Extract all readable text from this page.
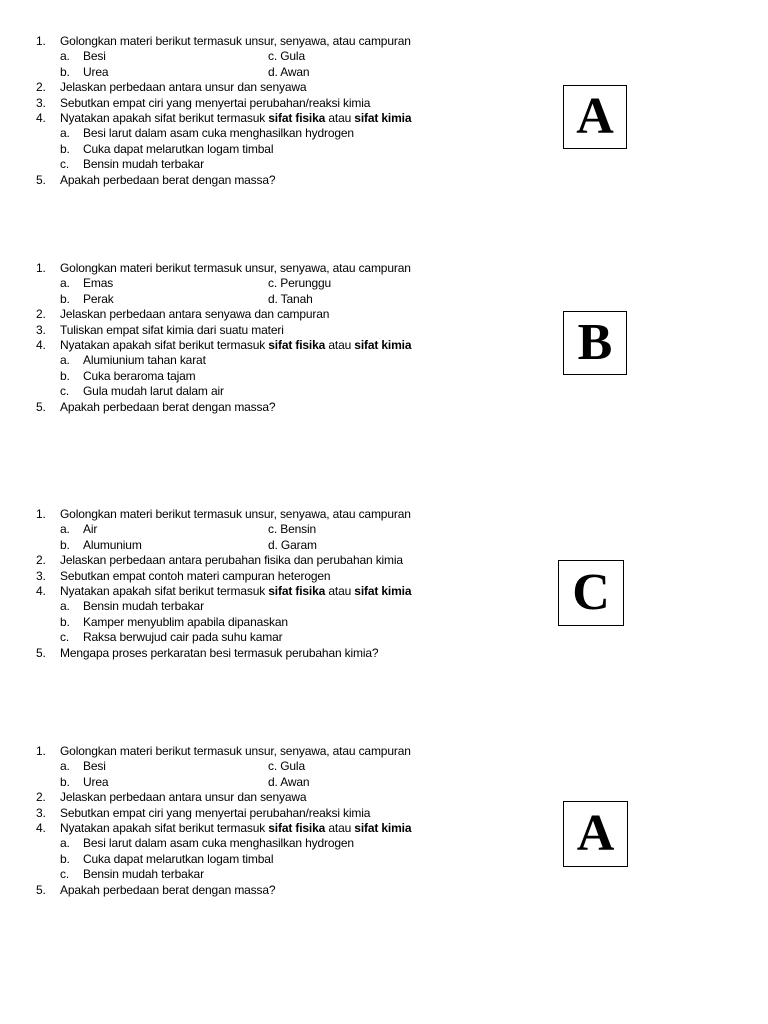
1. Golongkan materi berikut termasuk unsur, senyawa, atau campuran
a. Besi	c. Gula
b. Urea	d. Awan
2. Jelaskan perbedaan antara unsur dan senyawa
3. Sebutkan empat ciri yang menyertai perubahan/reaksi kimia
4. Nyatakan apakah sifat berikut termasuk sifat fisika atau sifat kimia
a. Besi larut dalam asam cuka menghasilkan hydrogen
b. Cuka dapat melarutkan logam timbal
c. Bensin mudah terbakar
5. Apakah perbedaan berat dengan massa?
A
1. Golongkan materi berikut termasuk unsur, senyawa, atau campuran
a. Emas	c. Perunggu
b. Perak	d. Tanah
2. Jelaskan perbedaan antara senyawa dan campuran
3. Tuliskan empat sifat kimia dari suatu materi
4. Nyatakan apakah sifat berikut termasuk sifat fisika atau sifat kimia
a. Alumiunium tahan karat
b. Cuka beraroma tajam
c. Gula mudah larut dalam air
5. Apakah perbedaan berat dengan massa?
B
1. Golongkan materi berikut termasuk unsur, senyawa, atau campuran
a. Air	c. Bensin
b. Alumunium	d. Garam
2. Jelaskan perbedaan antara perubahan fisika dan perubahan kimia
3. Sebutkan empat contoh materi campuran heterogen
4. Nyatakan apakah sifat berikut termasuk sifat fisika atau sifat kimia
a. Bensin mudah terbakar
b. Kamper menyublim apabila dipanaskan
c. Raksa berwujud cair pada suhu kamar
5. Mengapa proses perkaratan besi termasuk perubahan kimia?
C
1. Golongkan materi berikut termasuk unsur, senyawa, atau campuran
a. Besi	c. Gula
b. Urea	d. Awan
2. Jelaskan perbedaan antara unsur dan senyawa
3. Sebutkan empat ciri yang menyertai perubahan/reaksi kimia
4. Nyatakan apakah sifat berikut termasuk sifat fisika atau sifat kimia
a. Besi larut dalam asam cuka menghasilkan hydrogen
b. Cuka dapat melarutkan logam timbal
c. Bensin mudah terbakar
5. Apakah perbedaan berat dengan massa?
A
